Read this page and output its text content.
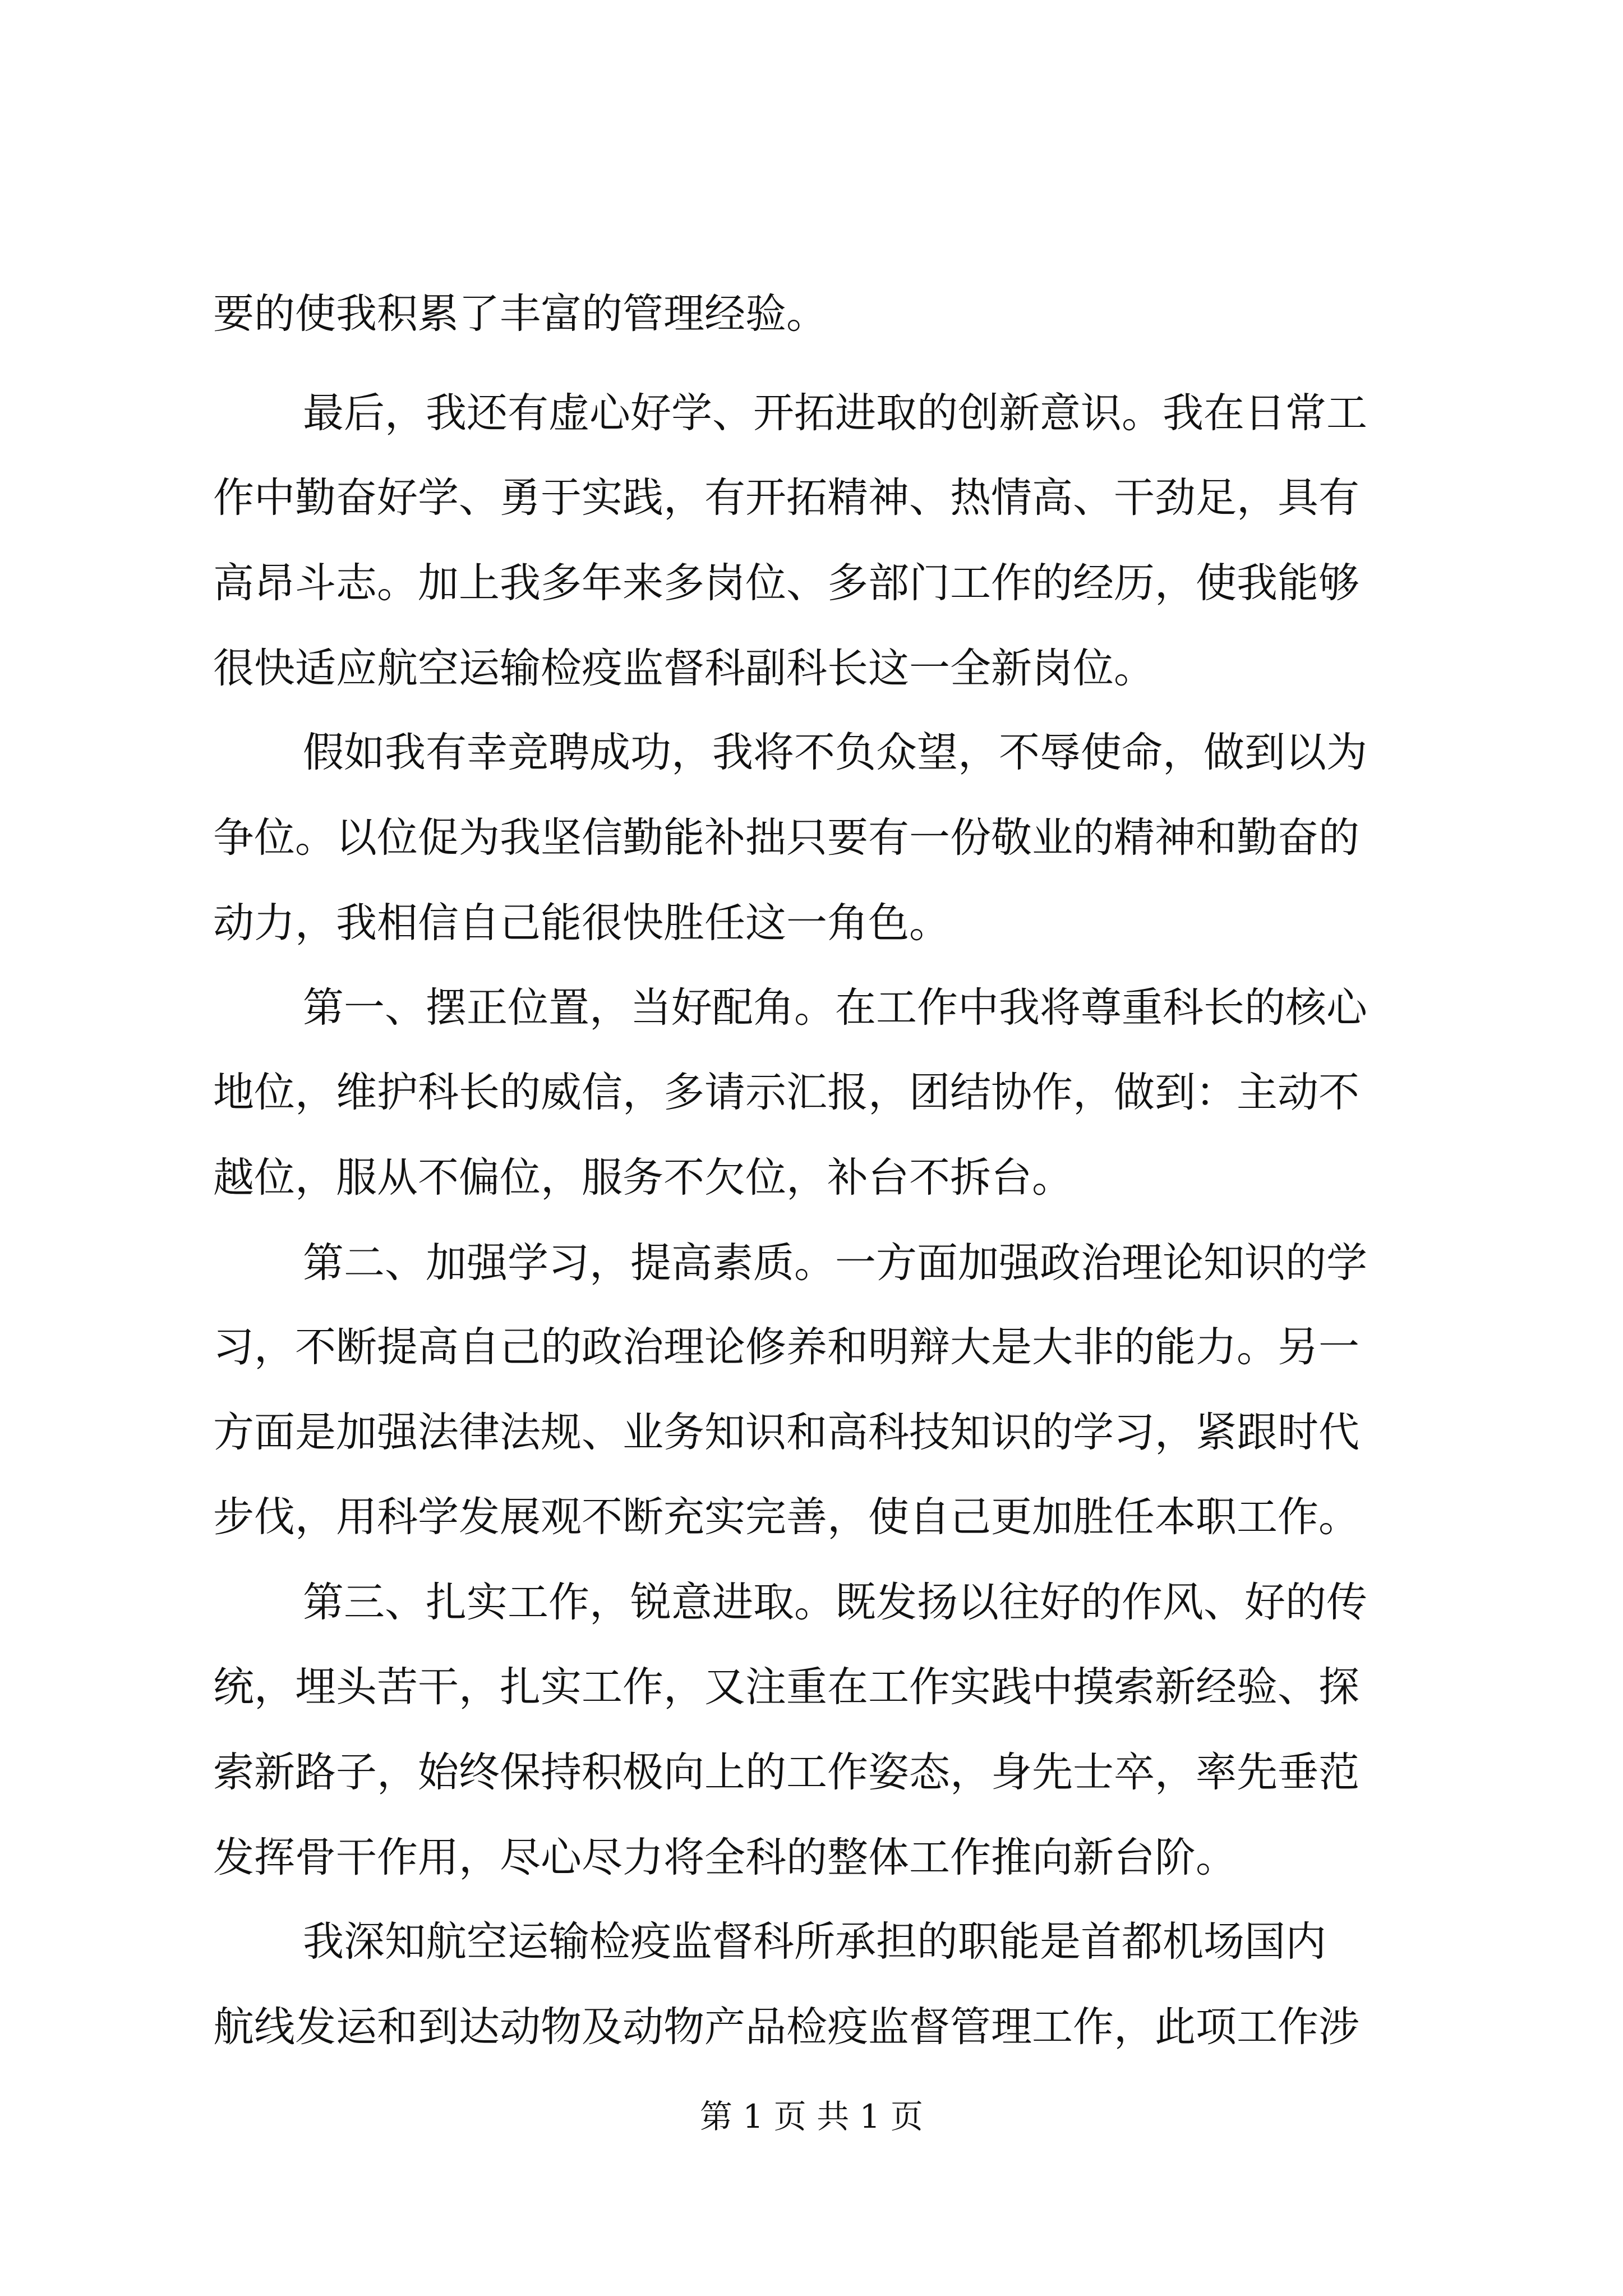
要的使我积累了丰富的管理经验。
最后，我还有虚心好学、开拓进取的创新意识。我在日常工
作中勤奋好学、勇于实践，有开拓精神、热情高、干劲足，具有
高昂斗志。加上我多年来多岗位、多部门工作的经历，使我能够
很快适应航空运输检疫监督科副科长这一全新岗位。
假如我有幸竞聘成功，我将不负众望，不辱使命，做到以为
争位。以位促为我坚信勤能补拙只要有一份敬业的精神和勤奋的
动力，我相信自己能很快胜任这一角色。
第一、摆正位置，当好配角。在工作中我将尊重科长的核心
地位，维护科长的威信，多请示汇报，团结协作，做到：主动不
越位，服从不偏位，服务不欠位，补台不拆台。
第二、加强学习，提高素质。一方面加强政治理论知识的学
习，不断提高自己的政治理论修养和明辩大是大非的能力。另一
方面是加强法律法规、业务知识和高科技知识的学习，紧跟时代
步伐，用科学发展观不断充实完善，使自己更加胜任本职工作。
第三、扎实工作，锐意进取。既发扬以往好的作风、好的传
统，埋头苦干，扎实工作，又注重在工作实践中摸索新经验、探
索新路子，始终保持积极向上的工作姿态，身先士卒，率先垂范
发挥骨干作用，尽心尽力将全科的整体工作推向新台阶。
我深知航空运输检疫监督科所承担的职能是首都机场国内
航线发运和到达动物及动物产品检疫监督管理工作，此项工作涉
第 1 页 共 1 页
